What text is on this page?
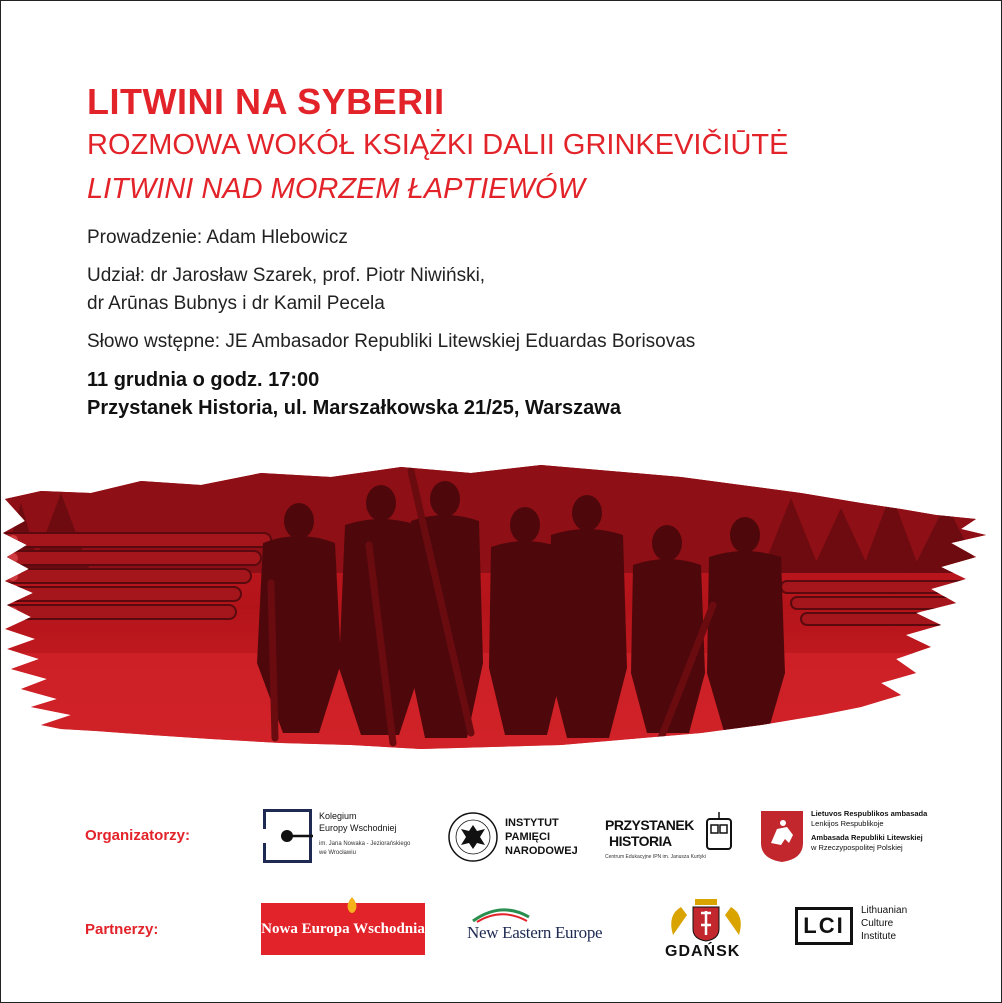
LITWINI NA SYBERII
ROZMOWA WOKÓŁ KSIĄŻKI DALII GRINKEVIČIŪTĖ
LITWINI NAD MORZEM ŁAPTIEWÓW
Prowadzenie: Adam Hlebowicz
Udział: dr Jarosław Szarek, prof. Piotr Niwiński,
dr Arūnas Bubnys i dr Kamil Pecela
Słowo wstępne: JE Ambasador Republiki Litewskiej Eduardas Borisovas
11 grudnia o godz. 17:00
Przystanek Historia, ul. Marszałkowska 21/25, Warszawa
Organizatorzy:
Kolegium
Europy Wschodniej
im. Jana Nowaka - Jeziorańskiego
we Wrocławiu
INSTYTUT
PAMIĘCI
NARODOWEJ
PRZYSTANEK
HISTORIA
Centrum Edukacyjne IPN im. Janusza Kurtyki
Lietuvos Respublikos ambasada
Lenkijos Respublikoje
Ambasada Republiki Litewskiej
w Rzeczypospolitej Polskiej
Partnerzy:	Nowa Europa Wschodnia New Eastern Europe
GDAŃSK
LCI
Lithuanian
Culture
Institute
